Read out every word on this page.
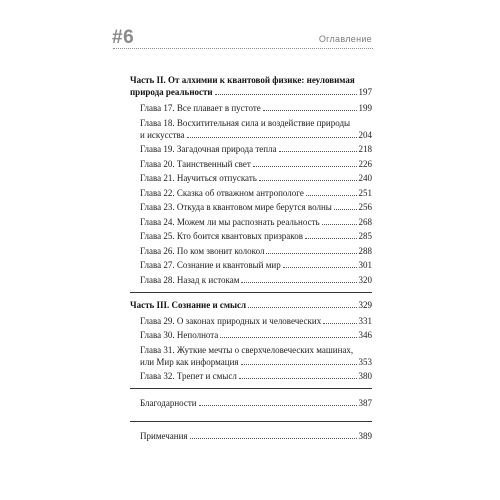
#6	Оглавление
Часть II. От алхимии к квантовой физике: неуловимая
природа реальности	197
Глава 17. Все плавает в пустоте	199
Глава 18. Восхитительная сила и воздействие природы
и искусства	204
Глава 19. Загадочная природа тепла	218
Глава 20. Таинственный свет	226
Глава 21. Научиться отпускать	240
Глава 22. Сказка об отважном антропологе	251
Глава 23. Откуда в квантовом мире берутся волны	256
Глава 24. Можем ли мы распознать реальность	268
Глава 25. Кто боится квантовых призраков	285
Глава 26. По ком звонит колокол	288
Глава 27. Сознание и квантовый мир	301
Глава 28. Назад к истокам	320
Часть III. Сознание и смысл	329
Глава 29. О законах природных и человеческих	331
Глава 30. Неполнота	346
Глава 31. Жуткие мечты о сверхчеловеческих машинах,
или Мир как информация	353
Глава 32. Трепет и смысл	380
Благодарности	387
Примечания	389
